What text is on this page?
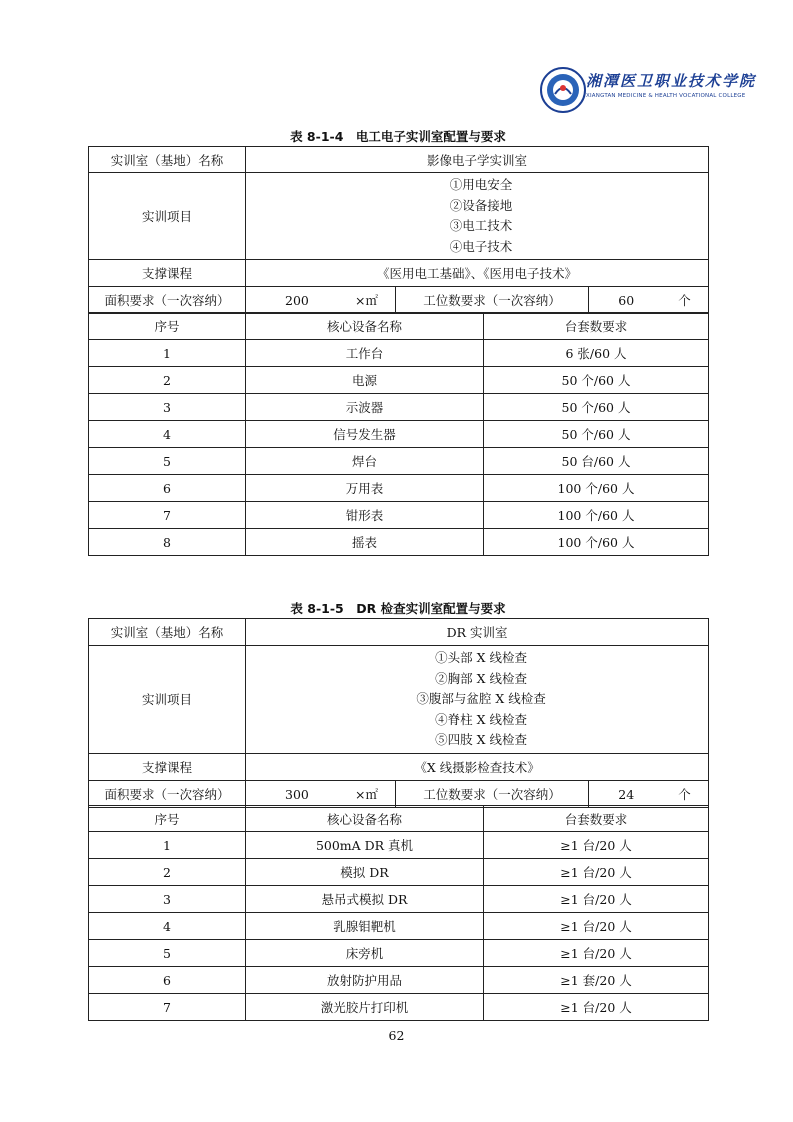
湘潭医卫职业技术学院
XIANGTAN MEDICINE & HEALTH VOCATIONAL COLLEGE
表 8-1-4　电工电子实训室配置与要求
实训室（基地）名称	影像电子学实训室		
实训项目	①用电安全
②设备接地
③电工技术
④电子技术		

支撑课程	《医用电工基础》、《医用电子技术》		
面积要求（一次容纳）	200 ×㎡	工位数要求（一次容纳）	60 个
序号	核心设备名称	台套数要求
1	工作台	6 张/60 人
2	电源	50 个/60 人
3	示波器	50 个/60 人
4	信号发生器	50 个/60 人
5	焊台	50 台/60 人
6	万用表	100 个/60 人
7	钳形表	100 个/60 人
8	摇表	100 个/60 人
表 8-1-5　DR 检查实训室配置与要求
实训室（基地）名称	DR 实训室		
实训项目	①头部 X 线检查
②胸部 X 线检查
③腹部与盆腔 X 线检查
④脊柱 X 线检查
⑤四肢 X 线检查		

支撑课程	《X 线摄影检查技术》		
面积要求（一次容纳）	300 ×㎡	工位数要求（一次容纳）	24 个
序号	核心设备名称	台套数要求
1	500mA DR 真机	≥1 台/20 人
2	模拟 DR	≥1 台/20 人
3	悬吊式模拟 DR	≥1 台/20 人
4	乳腺钼靶机	≥1 台/20 人
5	床旁机	≥1 台/20 人
6	放射防护用品	≥1 套/20 人
7	激光胶片打印机	≥1 台/20 人
62
